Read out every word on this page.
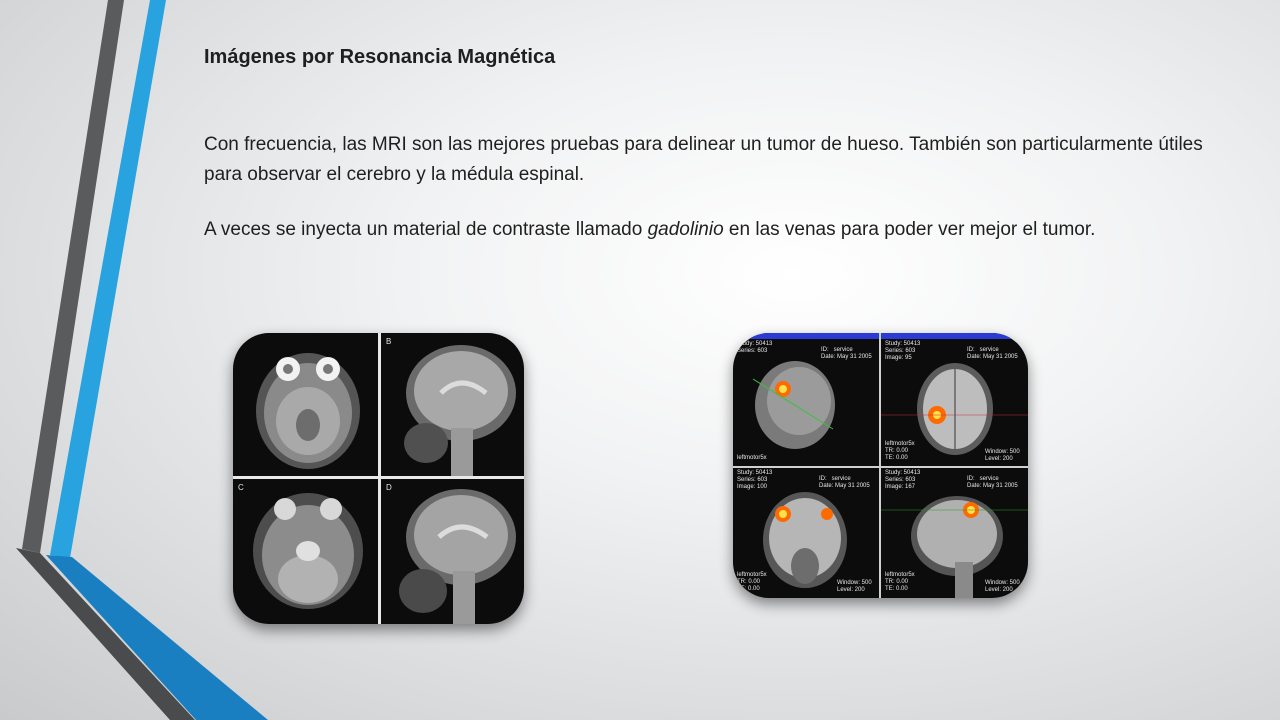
Imágenes por Resonancia Magnética

Con frecuencia, las MRI son las mejores pruebas para delinear un tumor de hueso. También son particularmente útiles para observar el cerebro y la médula espinal.

A veces se inyecta un material de contraste llamado gadolinio en las venas para poder ver mejor el tumor.

B
C	D
Study: 50413
Series: 603	ID:   service
Date: May 31 2005
leftmotor5x
Study: 50413
Series: 603
Image: 95
ID:   service
Date: May 31 2005
leftmotor5x
TR: 0.00
TE: 0.00
Window: 500
Level: 200
Study: 50413
Series: 603
Image: 100
ID:   service
Date: May 31 2005
leftmotor5x
TR: 0.00
TE: 0.00
Window: 500
Level: 200
Study: 50413
Series: 603
Image: 167
ID:   service
Date: May 31 2005
leftmotor5x
TR: 0.00
TE: 0.00
Window: 500
Level: 200
